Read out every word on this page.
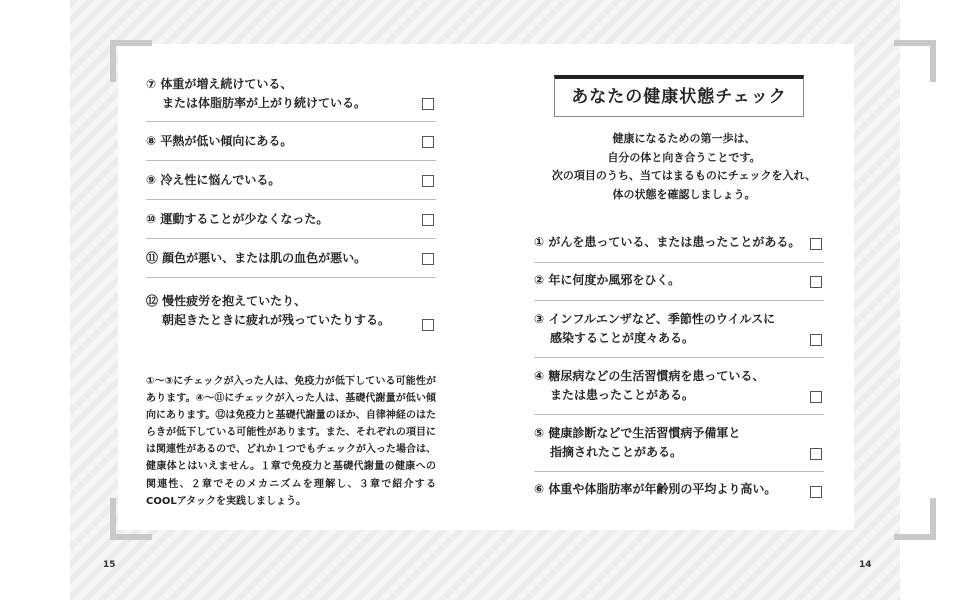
⑦ 体重が増え続けている、
または体脂肪率が上がり続けている。
⑧ 平熱が低い傾向にある。
⑨ 冷え性に悩んでいる。
⑩ 運動することが少なくなった。
⑪ 顔色が悪い、または肌の血色が悪い。
⑫ 慢性疲労を抱えていたり、
朝起きたときに疲れが残っていたりする。

①～③にチェックが入った人は、免疫力が低下している可能性があります。④～⑪にチェックが入った人は、基礎代謝量が低い傾向にあります。⑫は免疫力と基礎代謝量のほか、自律神経のはたらきが低下している可能性があります。また、それぞれの項目には関連性があるので、どれか１つでもチェックが入った場合は、健康体とはいえません。１章で免疫力と基礎代謝量の健康への関連性、２章でそのメカニズムを理解し、３章で紹介するCOOLアタックを実践しましょう。

15
あなたの健康状態チェック
健康になるための第一歩は、
自分の体と向き合うことです。
次の項目のうち、当てはまるものにチェックを入れ、
体の状態を確認しましょう。
① がんを患っている、または患ったことがある。
② 年に何度か風邪をひく。
③ インフルエンザなど、季節性のウイルスに
感染することが度々ある。
④ 糖尿病などの生活習慣病を患っている、
または患ったことがある。
⑤ 健康診断などで生活習慣病予備軍と
指摘されたことがある。
⑥ 体重や体脂肪率が年齢別の平均より高い。
14
